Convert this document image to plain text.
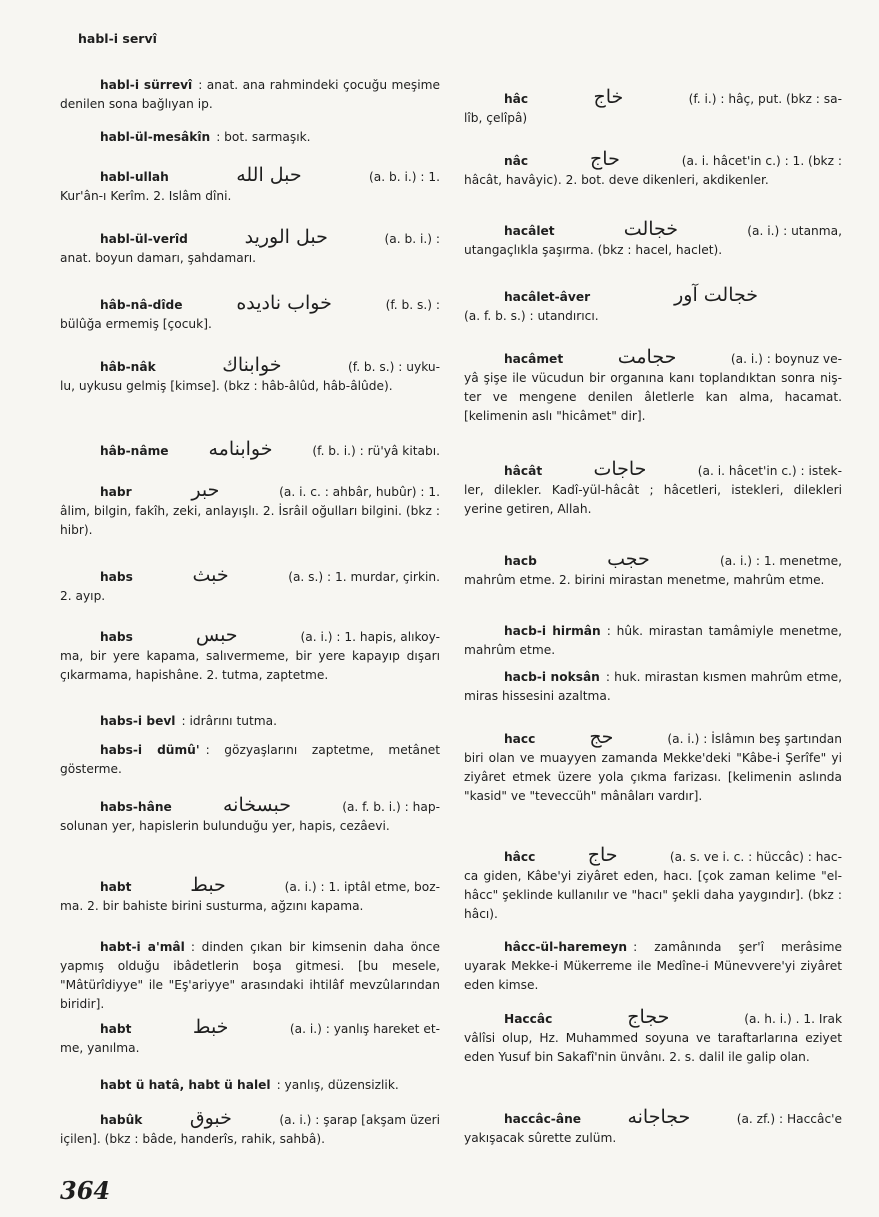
habl-i servî
habl-i sürrevî : anat. ana rahmindeki çocuğu meşime denilen sona bağlıyan ip.
habl-ül-mesâkîn : bot. sarmaşık.
habl-ullah	حبل الله	(a. b. i.) : 1.
Kur'ân-ı Kerîm. 2. Islâm dîni.
habl-ül-verîd	حبل الوريد	(a. b. i.) :
anat. boyun damarı, şahdamarı.
hâb-nâ-dîde	خواب ناديده	(f. b. s.) :
bülûğa ermemiş [çocuk].
hâb-nâk	خوابناك	(f. b. s.) : uyku-
lu, uykusu gelmiş [kimse]. (bkz : hâb-âlûd, hâb-âlûde).
hâb-nâme	خوابنامه	(f. b. i.) : rü'yâ kitabı.
habr	حبر	(a. i. c. : ahbâr, hubûr) : 1.
âlim, bilgin, fakîh, zeki, anlayışlı. 2. İsrâil oğulları bilgini. (bkz : hibr).
habs	خبث	(a. s.) : 1. murdar, çirkin.
2. ayıp.
habs	حبس	(a. i.) : 1. hapis, alıkoy-
ma, bir yere kapama, salıvermeme, bir yere kapayıp dışarı çıkarmama, hapishâne. 2. tutma, zaptetme.
habs-i bevl : idrârını tutma.
habs-i dümû' : gözyaşlarını zaptetme, metânet gösterme.
habs-hâne	حبسخانه	(a. f. b. i.) : hap-
solunan yer, hapislerin bulunduğu yer, hapis, cezâevi.
habt	حبط	(a. i.) : 1. iptâl etme, boz-
ma. 2. bir bahiste birini susturma, ağzını kapama.
habt-i a'mâl : dinden çıkan bir kimsenin daha önce yapmış olduğu ibâdetlerin boşa gitmesi. [bu mesele, "Mâtürîdiyye" ile "Eş'ariyye" arasındaki ihtilâf mevzûlarından biridir].
habt	خبط	(a. i.) : yanlış hareket et-
me, yanılma.
habt ü hatâ, habt ü halel : yanlış, düzensizlik.
habûk	خبوق	(a. i.) : şarap [akşam üzeri
içilen]. (bkz : bâde, handerîs, rahik, sahbâ).
hâc	خاج	(f. i.) : hâç, put. (bkz : sa-
lîb, çelîpâ)
nâc	حاج	(a. i. hâcet'in c.) : 1. (bkz :
hâcât, havâyic). 2. bot. deve dikenleri, akdikenler.
hacâlet	خجالت	(a. i.) : utanma,
utangaçlıkla şaşırma. (bkz : hacel, haclet).
hacâlet-âver	خجالت آور
(a. f. b. s.) : utandırıcı.
hacâmet	حجامت	(a. i.) : boynuz ve-
yâ şişe ile vücudun bir organına kanı toplandıktan sonra nişter ve mengene denilen âletlerle kan alma, hacamat. [kelimenin aslı "hicâmet" dir].
hâcât	حاجات	(a. i. hâcet'in c.) : istek-
ler, dilekler. Kadî-yül-hâcât ; hâcetleri, istekleri, dilekleri yerine getiren, Allah.
hacb	حجب	(a. i.) : 1. menetme,
mahrûm etme. 2. birini mirastan menetme, mahrûm etme.
hacb-i hirmân : hûk. mirastan tamâmiyle menetme, mahrûm etme.
hacb-i noksân : huk. mirastan kısmen mahrûm etme, miras hissesini azaltma.
hacc	حج	(a. i.) : İslâmın beş şartından
biri olan ve muayyen zamanda Mekke'deki "Kâbe-i Şerîfe" yi ziyâret etmek üzere yola çıkma farizası. [kelimenin aslında "kasid" ve "teveccüh" mânâları vardır].
hâcc	حاج	(a. s. ve i. c. : hüccâc) : hac-
ca giden, Kâbe'yi ziyâret eden, hacı. [çok zaman kelime "el-hâcc" şeklinde kullanılır ve "hacı" şekli daha yaygındır]. (bkz : hâcı).
hâcc-ül-haremeyn : zamânında şer'î merâsime uyarak Mekke-i Mükerreme ile Medîne-i Münevvere'yi ziyâret eden kimse.
Haccâc	حجاج	(a. h. i.) . 1. Irak
vâlîsi olup, Hz. Muhammed soyuna ve taraftarlarına eziyet eden Yusuf bin Sakafî'nin ünvânı. 2. s. dalil ile galip olan.
haccâc-âne	حجاجانه	(a. zf.) : Haccâc'e
yakışacak sûrette zulüm.
364
